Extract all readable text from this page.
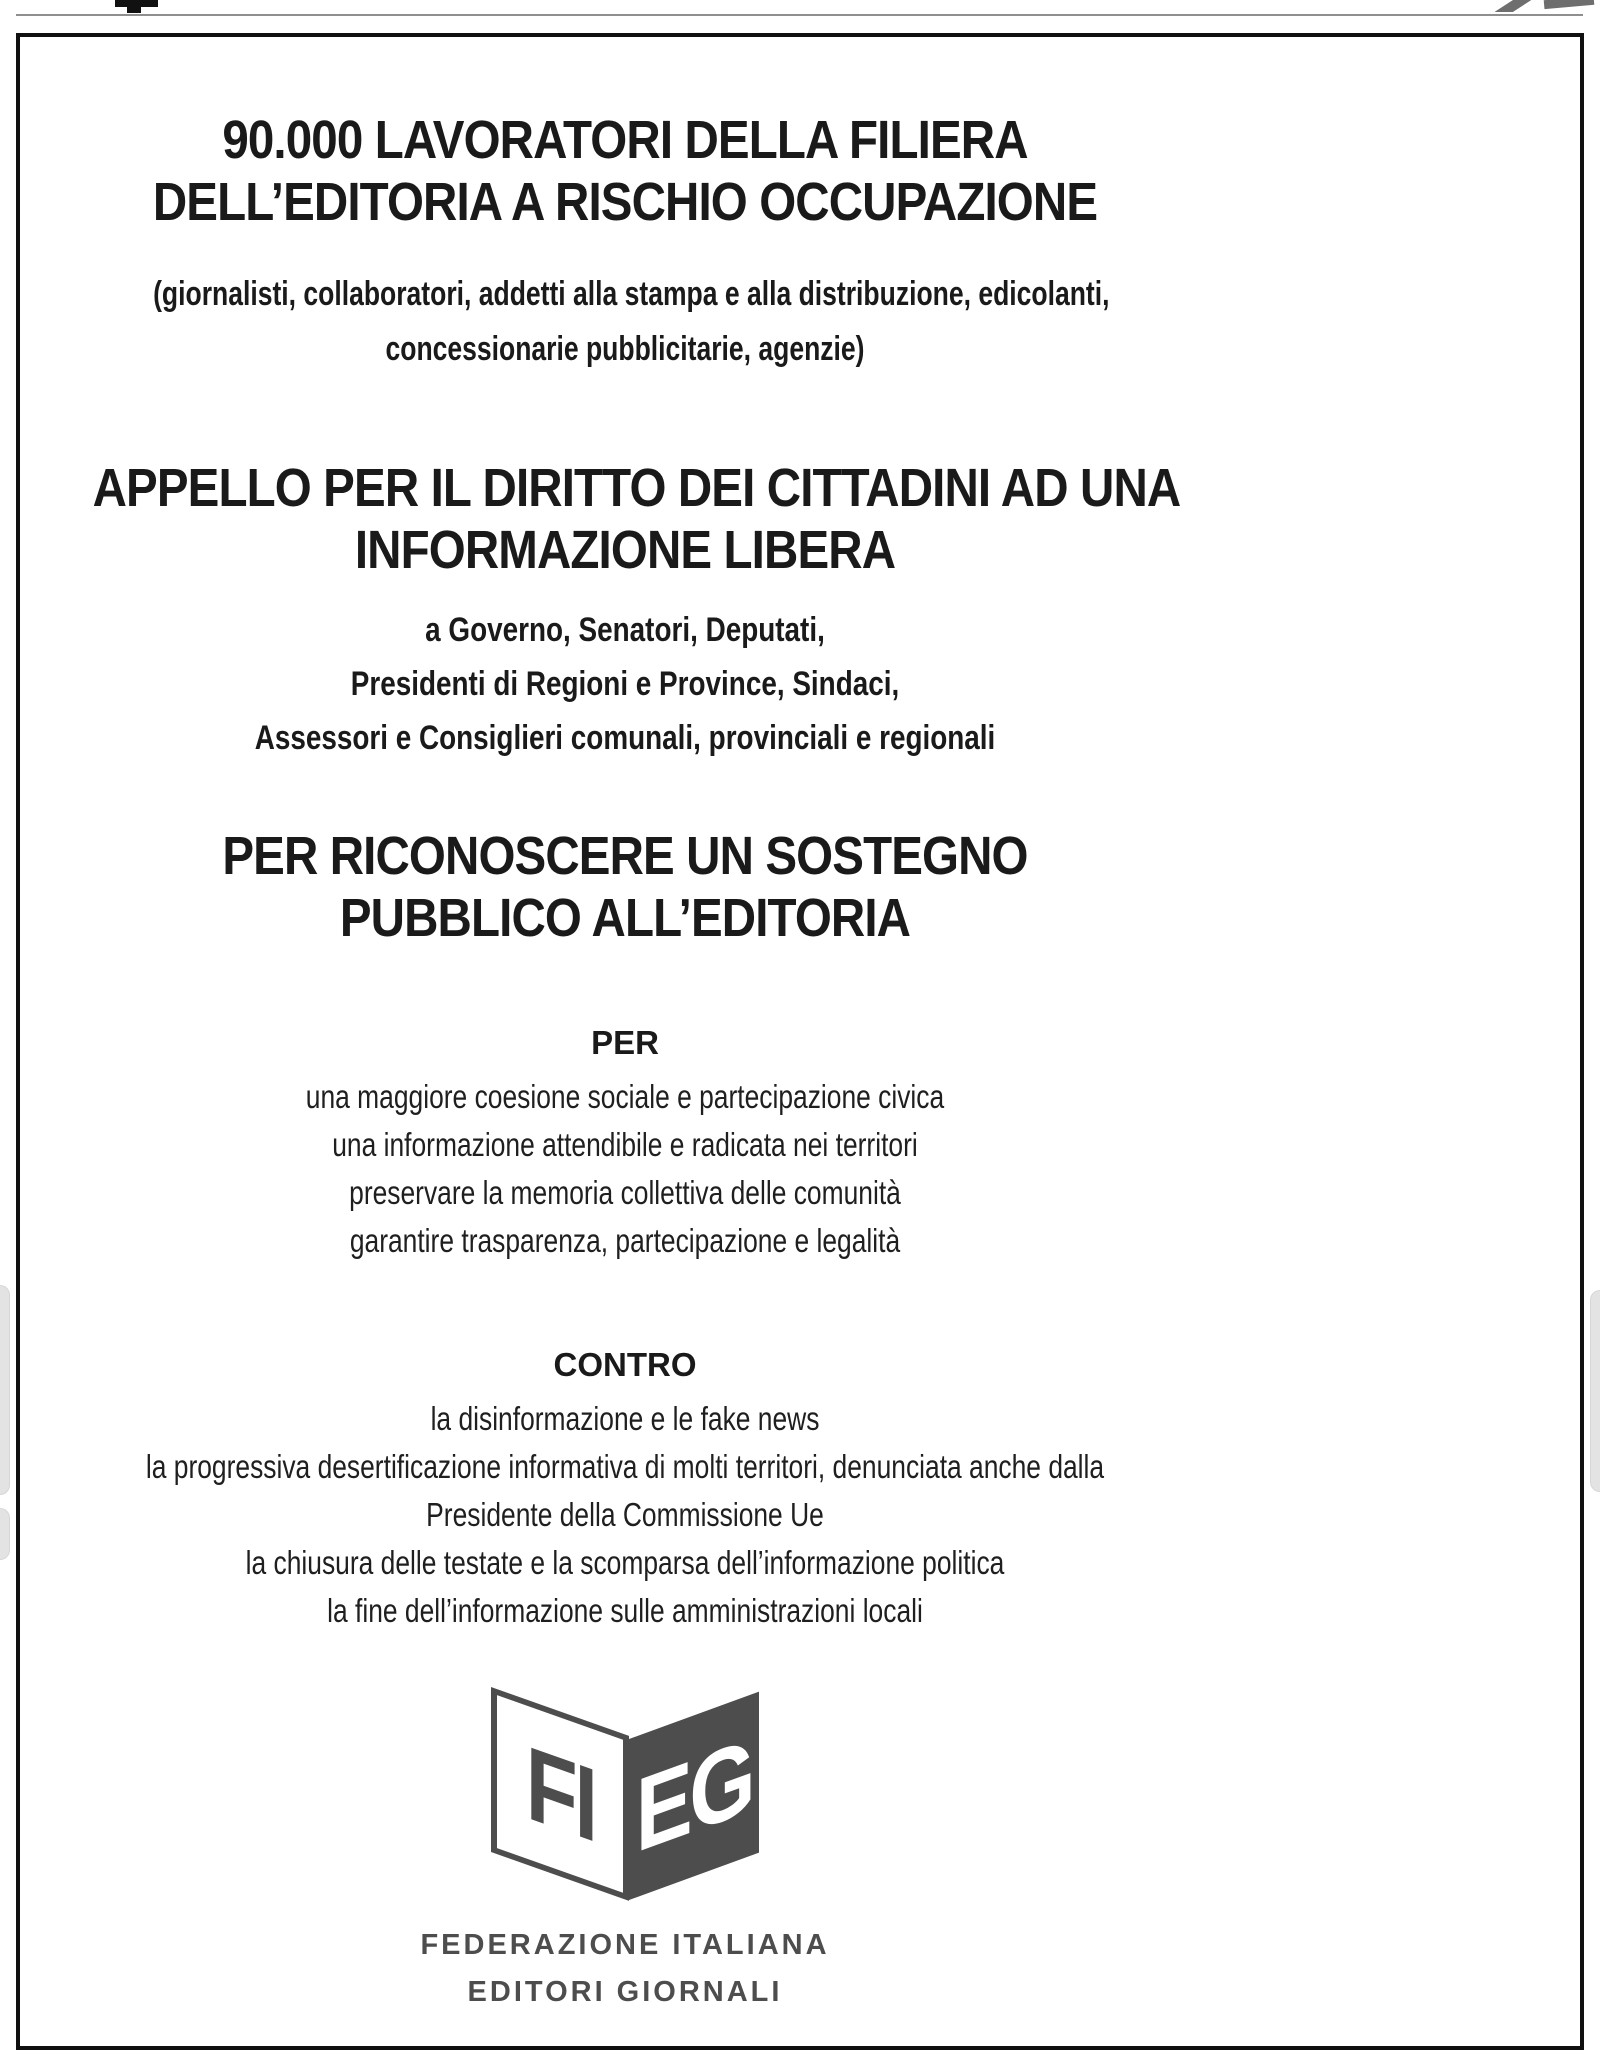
90.000 LAVORATORI DELLA FILIERA
DELL’EDITORIA A RISCHIO OCCUPAZIONE
(giornalisti, collaboratori, addetti alla stampa e alla distribuzione, edicolanti,
concessionarie pubblicitarie, agenzie)
APPELLO PER IL DIRITTO DEI CITTADINI AD UNA
INFORMAZIONE LIBERA
a Governo, Senatori, Deputati,
Presidenti di Regioni e Province, Sindaci,
Assessori e Consiglieri comunali, provinciali e regionali
PER RICONOSCERE UN SOSTEGNO
PUBBLICO ALL’EDITORIA
PER
una maggiore coesione sociale e partecipazione civica
una informazione attendibile e radicata nei territori
preservare la memoria collettiva delle comunità
garantire trasparenza, partecipazione e legalità
CONTRO
la disinformazione e le fake news
la progressiva desertificazione informativa di molti territori, denunciata anche dalla
Presidente della Commissione Ue
la chiusura delle testate e la scomparsa dell’informazione politica
la fine dell’informazione sulle amministrazioni locali
FI EG
FEDERAZIONE ITALIANA
EDITORI GIORNALI
